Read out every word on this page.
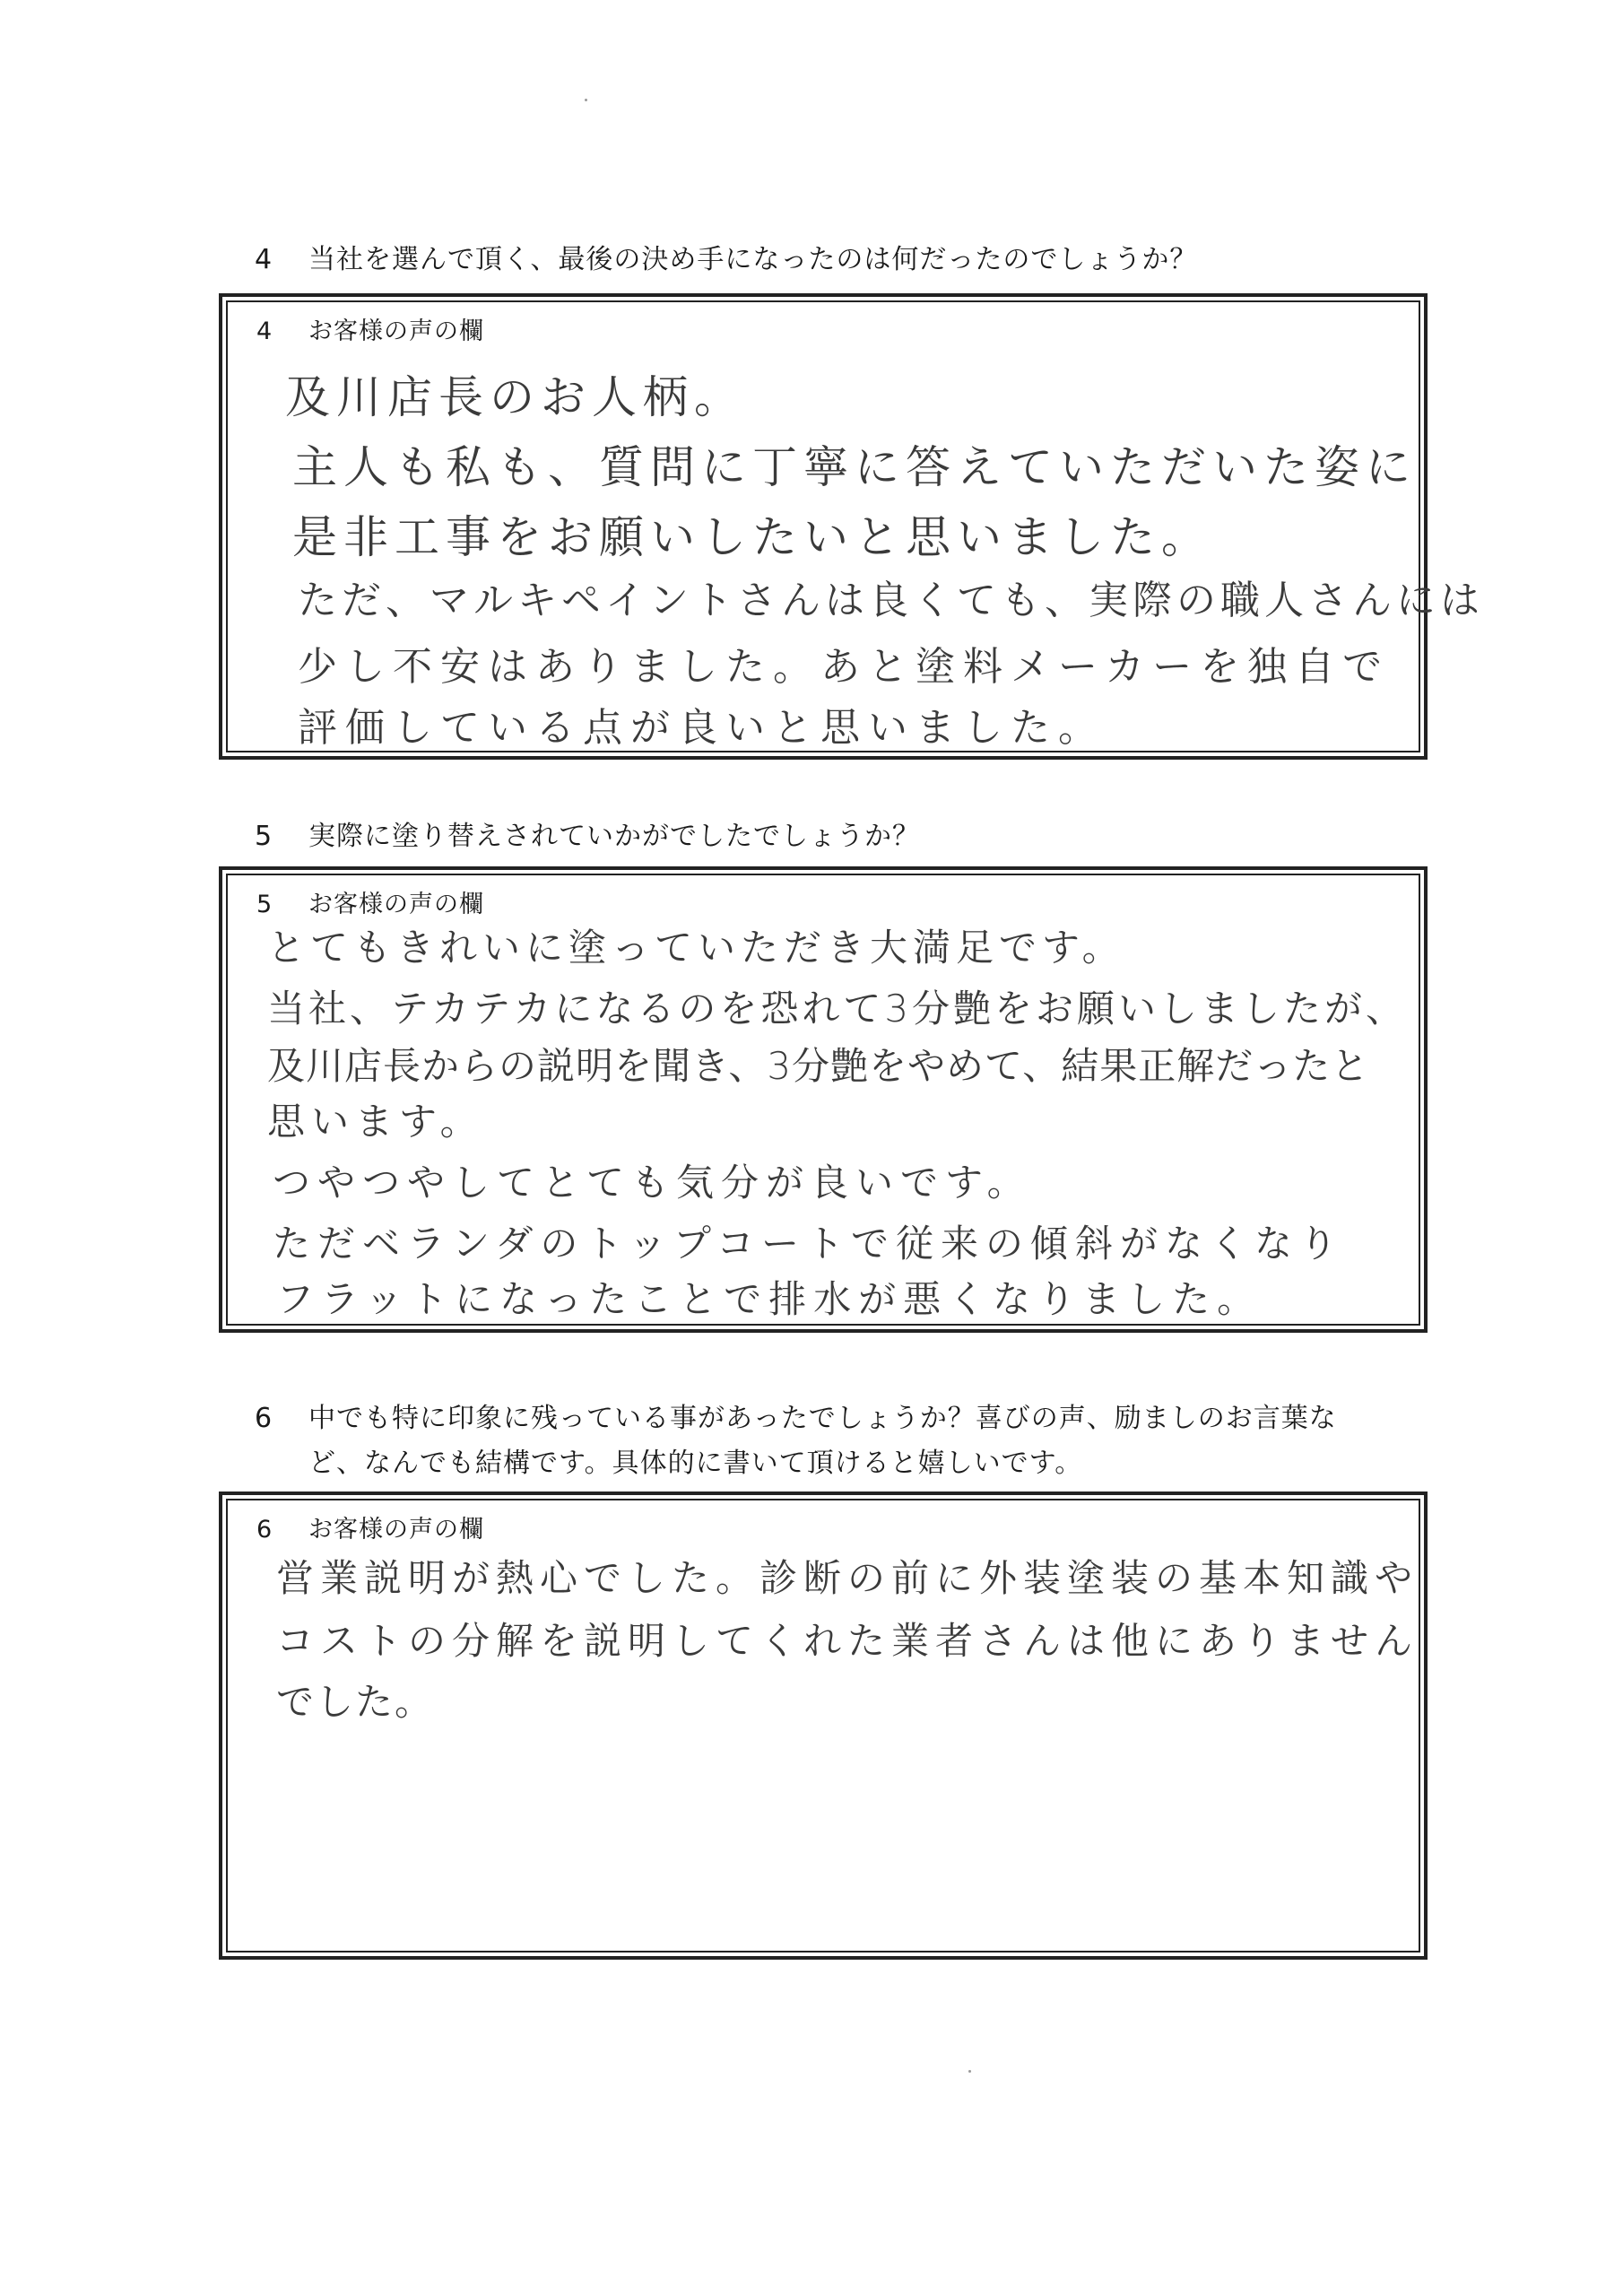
4 当社を選んで頂く、最後の決め手になったのは何だったのでしょうか？
4 お客様の声の欄
及川店長のお人柄。
主人も私も、質問に丁寧に答えていただいた姿に
是非工事をお願いしたいと思いました。
ただ、マルキペイントさんは良くても、実際の職人さんには
少し不安はありました。あと塗料メーカーを独自で
評価している点が良いと思いました。
5 実際に塗り替えされていかがでしたでしょうか？
5 お客様の声の欄
とてもきれいに塗っていただき大満足です。
当社、テカテカになるのを恐れて3分艶をお願いしましたが、
及川店長からの説明を聞き、3分艶をやめて、結果正解だったと
思います。
つやつやしてとても気分が良いです。
ただベランダのトップコートで従来の傾斜がなくなり
フラットになったことで排水が悪くなりました。
6 中でも特に印象に残っている事があったでしょうか？喜びの声、励ましのお言葉な
ど、なんでも結構です。具体的に書いて頂けると嬉しいです。
6 お客様の声の欄
営業説明が熱心でした。診断の前に外装塗装の基本知識や
コストの分解を説明してくれた業者さんは他にありません
でした。
